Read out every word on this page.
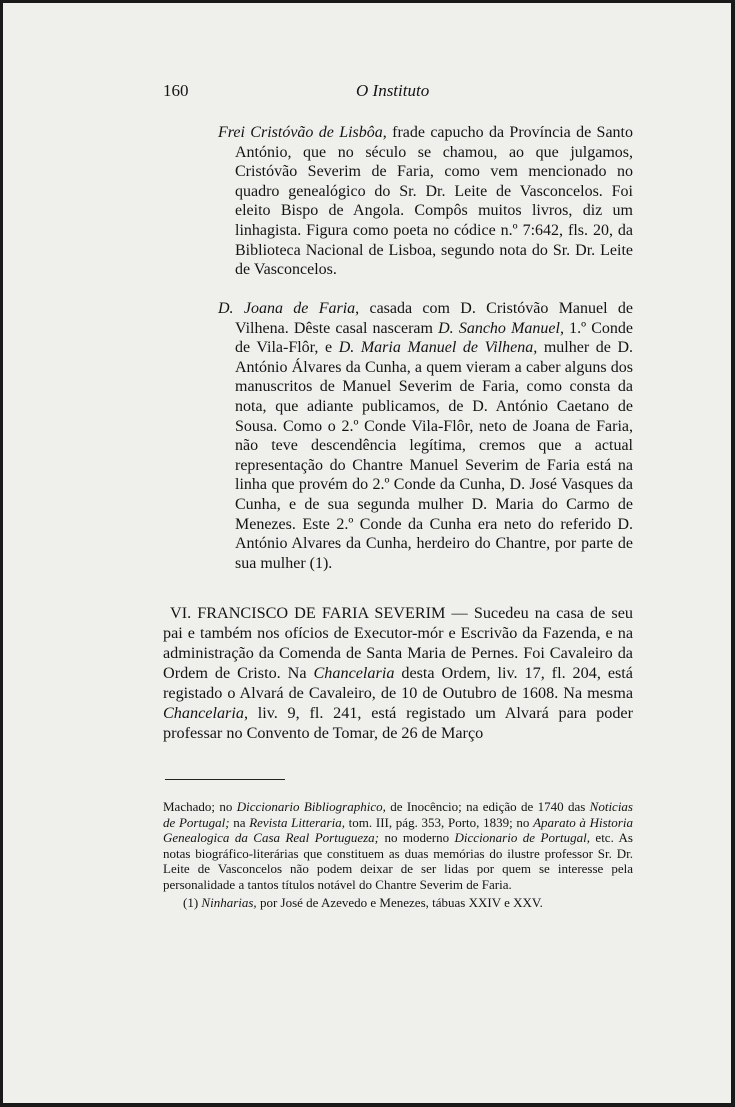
160	O Instituto
Frei Cristóvão de Lisbôa, frade capucho da Província de Santo António, que no século se chamou, ao que julgamos, Cristóvão Severim de Faria, como vem mencionado no quadro genealógico do Sr. Dr. Leite de Vasconcelos. Foi eleito Bispo de Angola. Compôs muitos livros, diz um linhagista. Figura como poeta no códice n.º 7:642, fls. 20, da Biblioteca Nacional de Lisboa, segundo nota do Sr. Dr. Leite de Vasconcelos.
D. Joana de Faria, casada com D. Cristóvão Manuel de Vilhena. Dêste casal nasceram D. Sancho Manuel, 1.º Conde de Vila-Flôr, e D. Maria Manuel de Vilhena, mulher de D. António Álvares da Cunha, a quem vieram a caber alguns dos manuscritos de Manuel Severim de Faria, como consta da nota, que adiante publicamos, de D. António Caetano de Sousa. Como o 2.º Conde Vila-Flôr, neto de Joana de Faria, não teve descendência legítima, cremos que a actual representação do Chantre Manuel Severim de Faria está na linha que provém do 2.º Conde da Cunha, D. José Vasques da Cunha, e de sua segunda mulher D. Maria do Carmo de Menezes. Este 2.º Conde da Cunha era neto do referido D. António Alvares da Cunha, herdeiro do Chantre, por parte de sua mulher (1).
VI. FRANCISCO DE FARIA SEVERIM — Sucedeu na casa de seu pai e também nos ofícios de Executor-mór e Escrivão da Fazenda, e na administração da Comenda de Santa Maria de Pernes. Foi Cavaleiro da Ordem de Cristo. Na Chancelaria desta Ordem, liv. 17, fl. 204, está registado o Alvará de Cavaleiro, de 10 de Outubro de 1608. Na mesma Chancelaria, liv. 9, fl. 241, está registado um Alvará para poder professar no Convento de Tomar, de 26 de Março

Machado; no Diccionario Bibliographico, de Inocêncio; na edição de 1740 das Noticias de Portugal; na Revista Litteraria, tom. III, pág. 353, Porto, 1839; no Aparato à Historia Genealogica da Casa Real Portugueza; no moderno Diccionario de Portugal, etc. As notas biográfico-literárias que constituem as duas memórias do ilustre professor Sr. Dr. Leite de Vasconcelos não podem deixar de ser lidas por quem se interesse pela personalidade a tantos títulos notável do Chantre Severim de Faria.

(1) Ninharias, por José de Azevedo e Menezes, tábuas XXIV e XXV.
